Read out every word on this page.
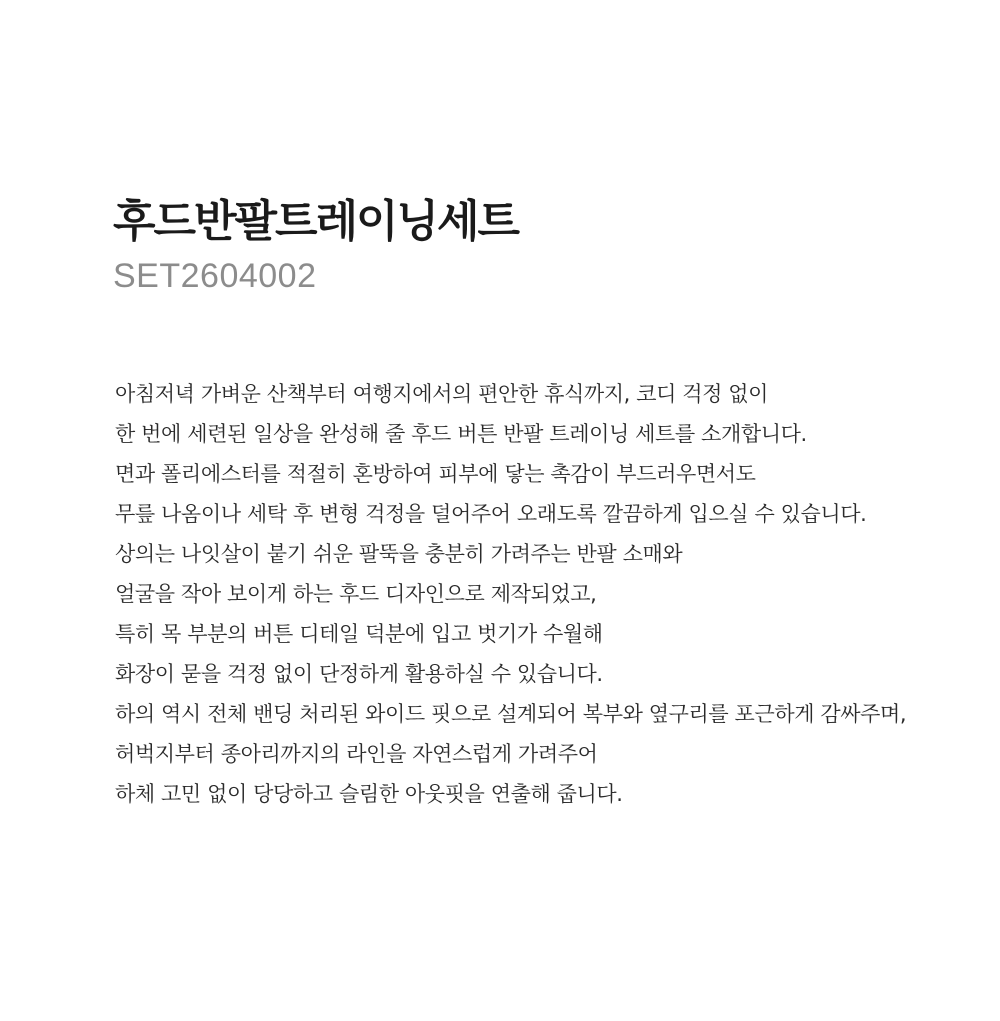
후드반팔트레이닝세트
SET2604002
아침저녁 가벼운 산책부터 여행지에서의 편안한 휴식까지, 코디 걱정 없이
한 번에 세련된 일상을 완성해 줄 후드 버튼 반팔 트레이닝 세트를 소개합니다.
면과 폴리에스터를 적절히 혼방하여 피부에 닿는 촉감이 부드러우면서도
무릎 나옴이나 세탁 후 변형 걱정을 덜어주어 오래도록 깔끔하게 입으실 수 있습니다.
상의는 나잇살이 붙기 쉬운 팔뚝을 충분히 가려주는 반팔 소매와
얼굴을 작아 보이게 하는 후드 디자인으로 제작되었고,
특히 목 부분의 버튼 디테일 덕분에 입고 벗기가 수월해
화장이 묻을 걱정 없이 단정하게 활용하실 수 있습니다.
하의 역시 전체 밴딩 처리된 와이드 핏으로 설계되어 복부와 옆구리를 포근하게 감싸주며,
허벅지부터 종아리까지의 라인을 자연스럽게 가려주어
하체 고민 없이 당당하고 슬림한 아웃핏을 연출해 줍니다.
